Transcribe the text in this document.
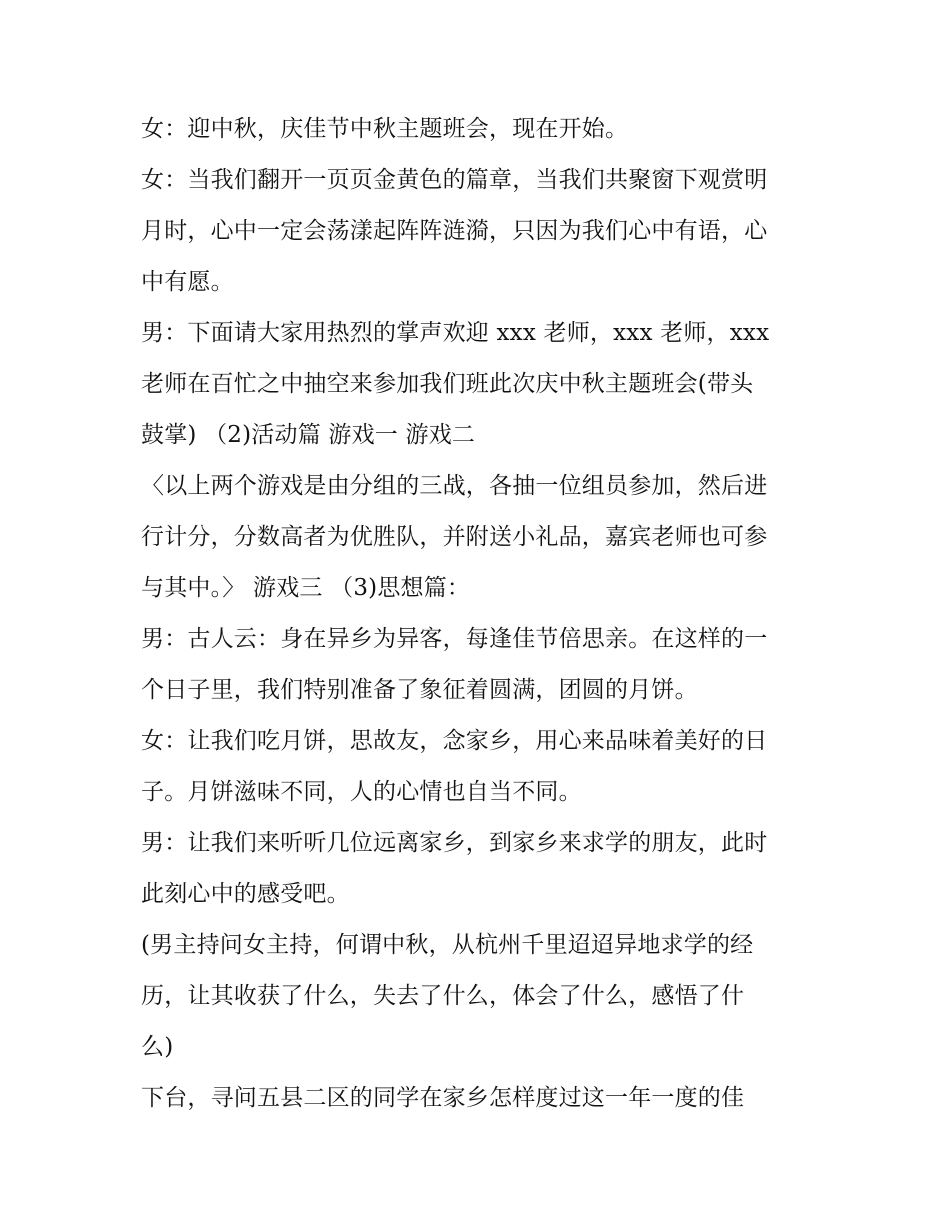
女：迎中秋，庆佳节中秋主题班会，现在开始。
女：当我们翻开一页页金黄色的篇章，当我们共聚窗下观赏明
月时，心中一定会荡漾起阵阵涟漪，只因为我们心中有语，心
中有愿。
男：下面请大家用热烈的掌声欢迎 xxx 老师，xxx 老师，xxx
老师在百忙之中抽空来参加我们班此次庆中秋主题班会(带头
鼓掌) （2)活动篇 游戏一 游戏二
〈以上两个游戏是由分组的三战，各抽一位组员参加，然后进
行计分，分数高者为优胜队，并附送小礼品，嘉宾老师也可参
与其中。〉 游戏三 （3)思想篇：
男：古人云：身在异乡为异客，每逢佳节倍思亲。在这样的一
个日子里，我们特别准备了象征着圆满，团圆的月饼。
女：让我们吃月饼，思故友，念家乡，用心来品味着美好的日
子。月饼滋味不同，人的心情也自当不同。
男：让我们来听听几位远离家乡，到家乡来求学的朋友，此时
此刻心中的感受吧。
(男主持问女主持，何谓中秋，从杭州千里迢迢异地求学的经
历，让其收获了什么，失去了什么，体会了什么，感悟了什
么)
下台，寻问五县二区的同学在家乡怎样度过这一年一度的佳
